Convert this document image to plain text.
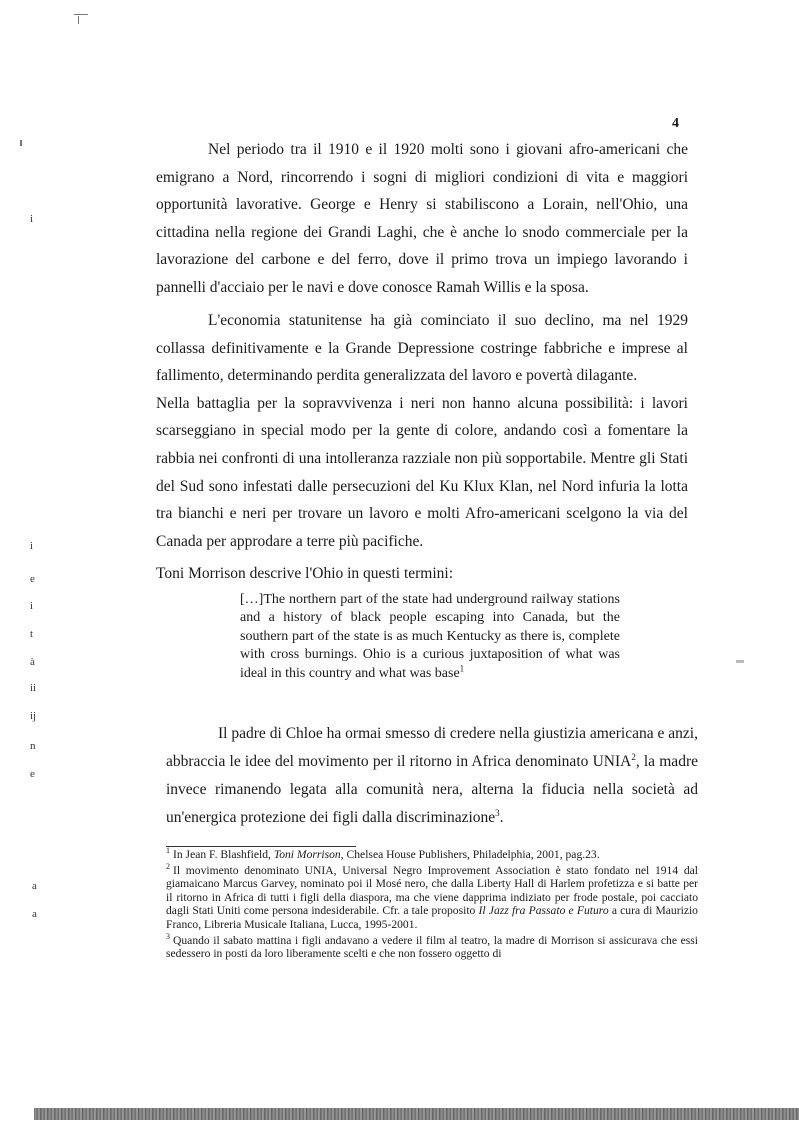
4

Nel periodo tra il 1910 e il 1920 molti sono i giovani afro-americani che emigrano a Nord, rincorrendo i sogni di migliori condizioni di vita e maggiori opportunità lavorative. George e Henry si stabiliscono a Lorain, nell'Ohio, una cittadina nella regione dei Grandi Laghi, che è anche lo snodo commerciale per la lavorazione del carbone e del ferro, dove il primo trova un impiego lavorando i pannelli d'acciaio per le navi e dove conosce Ramah Willis e la sposa.

L'economia statunitense ha già cominciato il suo declino, ma nel 1929 collassa definitivamente e la Grande Depressione costringe fabbriche e imprese al fallimento, determinando perdita generalizzata del lavoro e povertà dilagante.

Nella battaglia per la sopravvivenza i neri non hanno alcuna possibilità: i lavori scarseggiano in special modo per la gente di colore, andando così a fomentare la rabbia nei confronti di una intolleranza razziale non più sopportabile. Mentre gli Stati del Sud sono infestati dalle persecuzioni del Ku Klux Klan, nel Nord infuria la lotta tra bianchi e neri per trovare un lavoro e molti Afro-americani scelgono la via del Canada per approdare a terre più pacifiche.

Toni Morrison descrive l'Ohio in questi termini:

[…]The northern part of the state had underground railway stations and a history of black people escaping into Canada, but the southern part of the state is as much Kentucky as there is, complete with cross burnings. Ohio is a curious juxtaposition of what was ideal in this country and what was base$^1$

Il padre di Chloe ha ormai smesso di credere nella giustizia americana e anzi, abbraccia le idee del movimento per il ritorno in Africa denominato UNIA$^2$, la madre invece rimanendo legata alla comunità nera, alterna la fiducia nella società ad un'energica protezione dei figli dalla discriminazione$^3$.

$^1$ In Jean F. Blashfield, Toni Morrison, Chelsea House Publishers, Philadelphia, 2001, pag.23.

$^2$ Il movimento denominato UNIA, Universal Negro Improvement Association è stato fondato nel 1914 dal giamaicano Marcus Garvey, nominato poi il Mosé nero, che dalla Liberty Hall di Harlem profetizza e si batte per il ritorno in Africa di tutti i figli della diaspora, ma che viene dapprima indiziato per frode postale, poi cacciato dagli Stati Uniti come persona indesiderabile. Cfr. a tale proposito Il Jazz fra Passato e Futuro a cura di Maurizio Franco, Libreria Musicale Italiana, Lucca, 1995-2001.

$^3$ Quando il sabato mattina i figli andavano a vedere il film al teatro, la madre di Morrison si assicurava che essi sedessero in posti da loro liberamente scelti e che non fossero oggetto di

i
i
e
i
t
à
ii
ij
n
e
a
a
